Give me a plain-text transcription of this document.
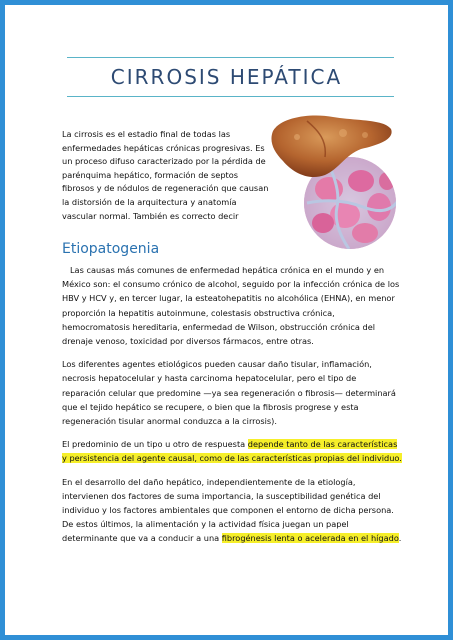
CIRROSIS HEPÁTICA

La cirrosis es el estadio final de todas las enfermedades hepáticas crónicas progresivas. Es un proceso difuso caracterizado por la pérdida de parénquima hepático, formación de septos fibrosos y de nódulos de regeneración que causan la distorsión de la arquitectura y anatomía vascular normal. También es correcto decir

Etiopatogenia

Las causas más comunes de enfermedad hepática crónica en el mundo y en México son: el consumo crónico de alcohol, seguido por la infección crónica de los HBV y HCV y, en tercer lugar, la esteatohepatitis no alcohólica (EHNA), en menor proporción la hepatitis autoinmune, colestasis obstructiva crónica, hemocromatosis hereditaria, enfermedad de Wilson, obstrucción crónica del drenaje venoso, toxicidad por diversos fármacos, entre otras.

Los diferentes agentes etiológicos pueden causar daño tisular, inflamación, necrosis hepatocelular y hasta carcinoma hepatocelular, pero el tipo de reparación celular que predomine —ya sea regeneración o fibrosis— determinará que el tejido hepático se recupere, o bien que la fibrosis progrese y esta regeneración tisular anormal conduzca a la cirrosis).

El predominio de un tipo u otro de respuesta depende tanto de las características y persistencia del agente causal, como de las características propias del individuo.

En el desarrollo del daño hepático, independientemente de la etiología, intervienen dos factores de suma importancia, la susceptibilidad genética del individuo y los factores ambientales que componen el entorno de dicha persona. De estos últimos, la alimentación y la actividad física juegan un papel determinante que va a conducir a una fibrogénesis lenta o acelerada en el hígado.
